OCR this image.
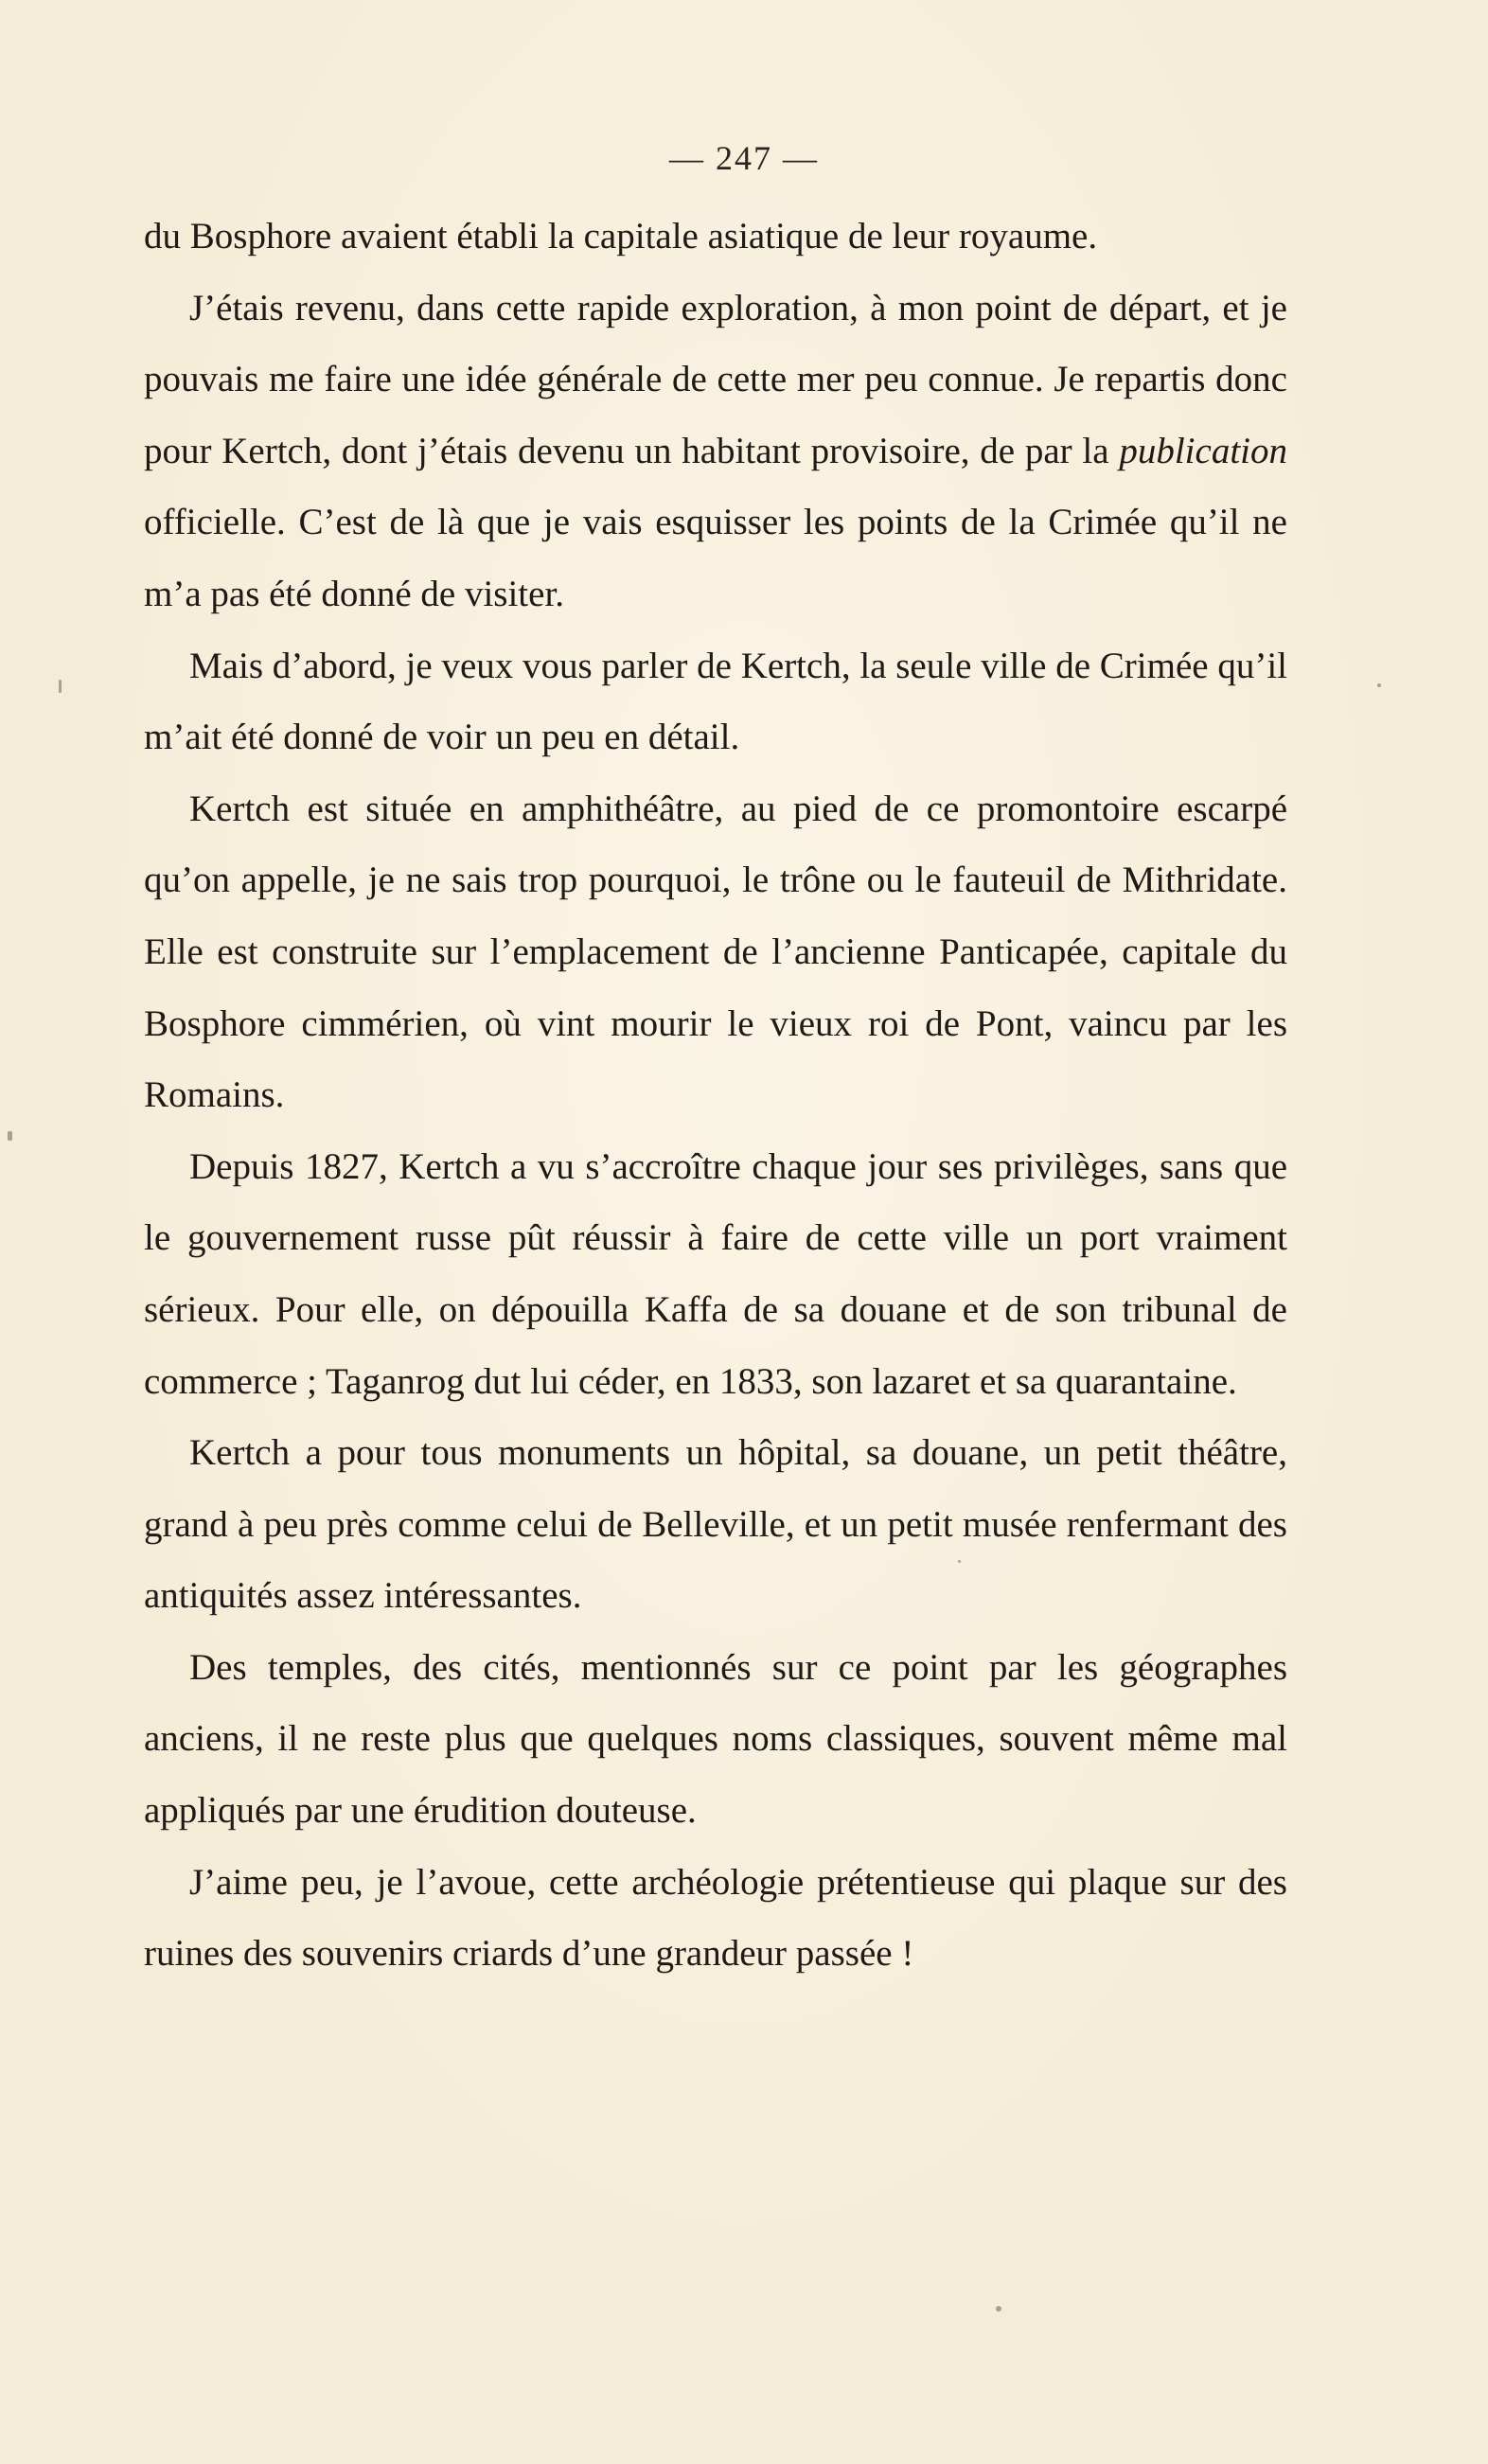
— 247 —

du Bosphore avaient établi la capitale asiatique de leur royaume.

J’étais revenu, dans cette rapide exploration, à mon point de départ, et je pouvais me faire une idée générale de cette mer peu connue. Je repartis donc pour Kertch, dont j’étais devenu un habitant provisoire, de par la publication officielle. C’est de là que je vais esquisser les points de la Crimée qu’il ne m’a pas été donné de visiter.

Mais d’abord, je veux vous parler de Kertch, la seule ville de Crimée qu’il m’ait été donné de voir un peu en détail.

Kertch est située en amphithéâtre, au pied de ce promontoire escarpé qu’on appelle, je ne sais trop pourquoi, le trône ou le fauteuil de Mithridate. Elle est construite sur l’emplacement de l’ancienne Panticapée, capitale du Bosphore cimmérien, où vint mourir le vieux roi de Pont, vaincu par les Romains.

Depuis 1827, Kertch a vu s’accroître chaque jour ses privilèges, sans que le gouvernement russe pût réussir à faire de cette ville un port vraiment sérieux. Pour elle, on dépouilla Kaffa de sa douane et de son tribunal de commerce ; Taganrog dut lui céder, en 1833, son lazaret et sa quarantaine.

Kertch a pour tous monuments un hôpital, sa douane, un petit théâtre, grand à peu près comme celui de Belleville, et un petit musée renfermant des antiquités assez intéressantes.

Des temples, des cités, mentionnés sur ce point par les géographes anciens, il ne reste plus que quelques noms classiques, souvent même mal appliqués par une érudition douteuse.

J’aime peu, je l’avoue, cette archéologie prétentieuse qui plaque sur des ruines des souvenirs criards d’une grandeur passée !
